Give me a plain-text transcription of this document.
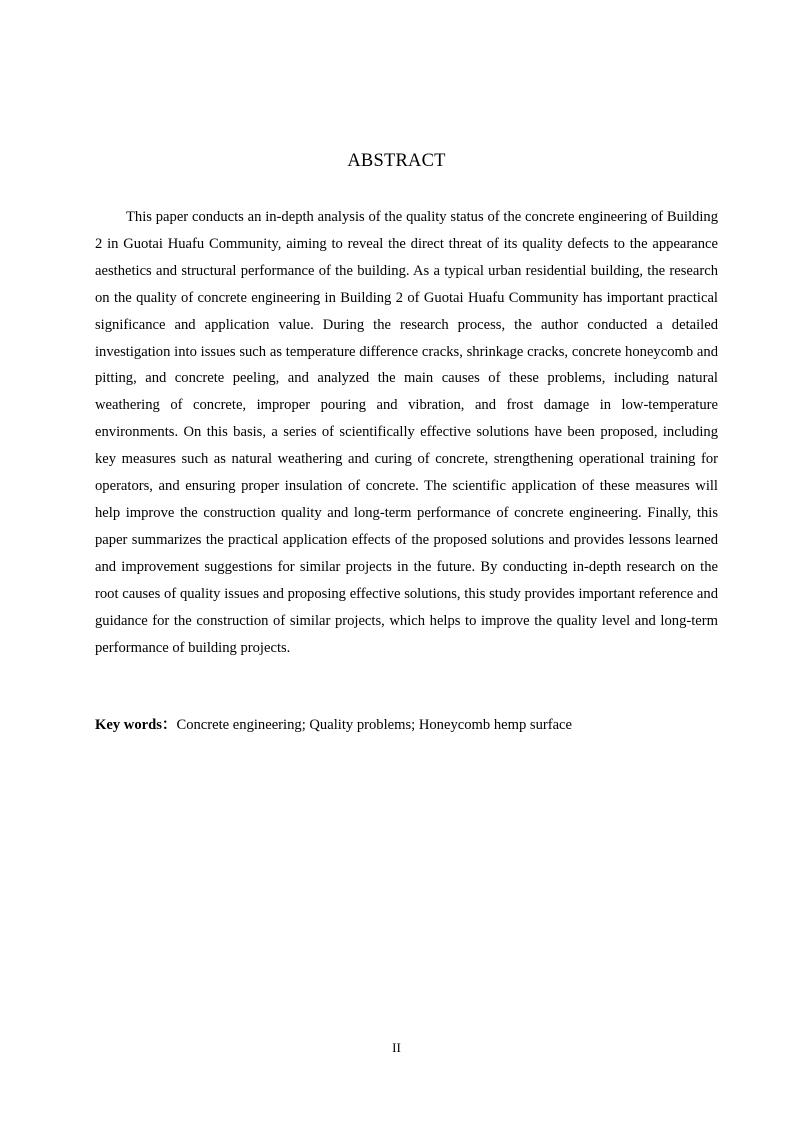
ABSTRACT

This paper conducts an in-depth analysis of the quality status of the concrete engineering of Building 2 in Guotai Huafu Community, aiming to reveal the direct threat of its quality defects to the appearance aesthetics and structural performance of the building. As a typical urban residential building, the research on the quality of concrete engineering in Building 2 of Guotai Huafu Community has important practical significance and application value. During the research process, the author conducted a detailed investigation into issues such as temperature difference cracks, shrinkage cracks, concrete honeycomb and pitting, and concrete peeling, and analyzed the main causes of these problems, including natural weathering of concrete, improper pouring and vibration, and frost damage in low-temperature environments. On this basis, a series of scientifically effective solutions have been proposed, including key measures such as natural weathering and curing of concrete, strengthening operational training for operators, and ensuring proper insulation of concrete. The scientific application of these measures will help improve the construction quality and long-term performance of concrete engineering. Finally, this paper summarizes the practical application effects of the proposed solutions and provides lessons learned and improvement suggestions for similar projects in the future. By conducting in-depth research on the root causes of quality issues and proposing effective solutions, this study provides important reference and guidance for the construction of similar projects, which helps to improve the quality level and long-term performance of building projects.

Key words：Concrete engineering; Quality problems; Honeycomb hemp surface
II
